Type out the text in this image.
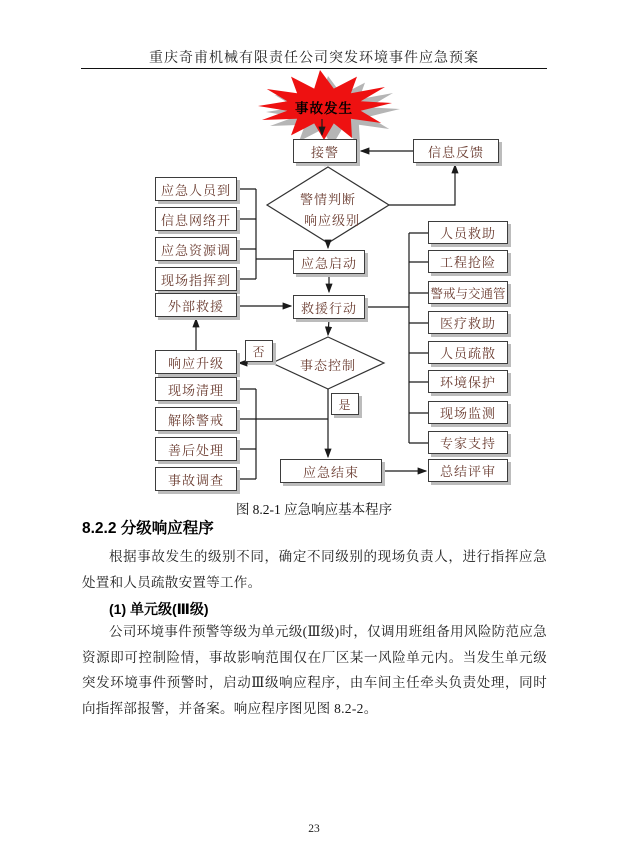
重庆奇甫机械有限责任公司突发环境事件应急预案
事故发生
接警	信息反馈
应急人员到
信息网络开
应急资源调
现场指挥到
警情判断
响应级别
应急启动
外部救援	救援行动
事态控制
否
是
响应升级
现场清理
解除警戒
善后处理
事故调查
人员救助
工程抢险
警戒与交通管
医疗救助
人员疏散
环境保护
现场监测
专家支持
应急结束	总结评审
图 8.2-1 应急响应基本程序
8.2.2 分级响应程序
根据事故发生的级别不同，确定不同级别的现场负责人，进行指挥应急处置和人员疏散安置等工作。
(1) 单元级(Ⅲ级)
公司环境事件预警等级为单元级(Ⅲ级)时，仅调用班组备用风险防范应急资源即可控制险情，事故影响范围仅在厂区某一风险单元内。当发生单元级突发环境事件预警时，启动Ⅲ级响应程序，由车间主任牵头负责处理，同时向指挥部报警，并备案。响应程序图见图 8.2-2。
23
